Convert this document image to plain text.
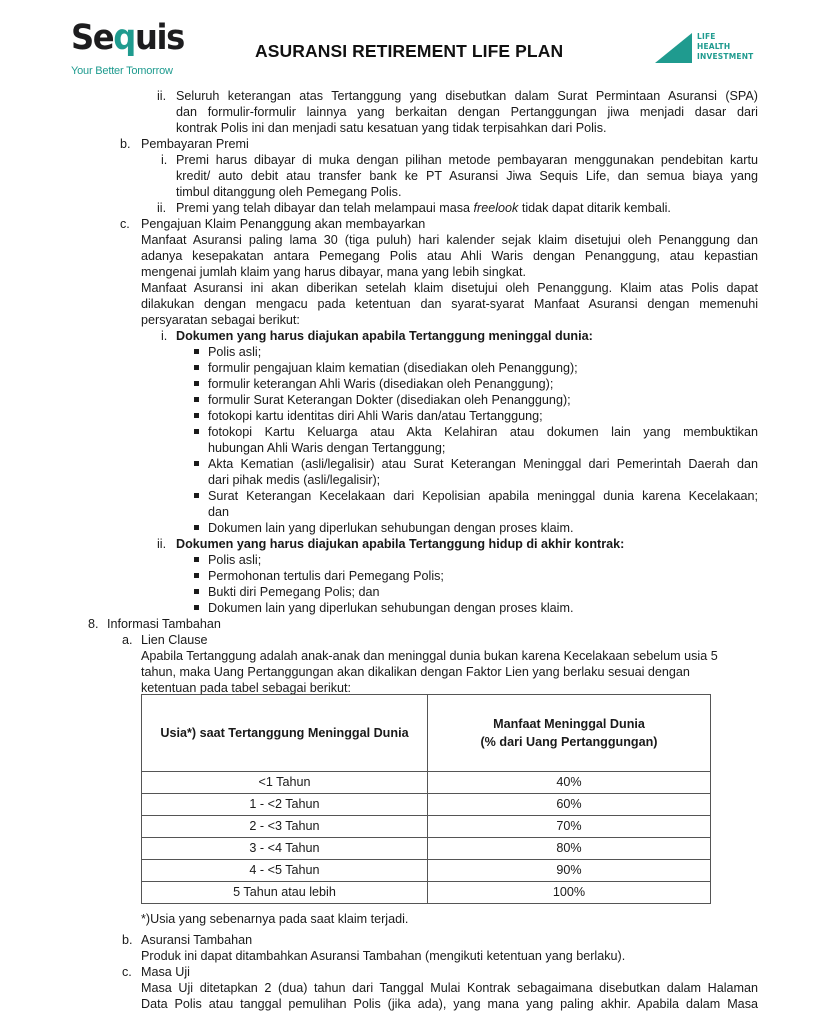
Sequis
Your Better Tomorrow
ASURANSI RETIREMENT LIFE PLAN
LIFE
HEALTH
INVESTMENT
ii. Seluruh keterangan atas Tertanggung yang disebutkan dalam Surat Permintaan Asuransi (SPA)
dan formulir-formulir lainnya yang berkaitan dengan Pertanggungan jiwa menjadi dasar dari
kontrak Polis ini dan menjadi satu kesatuan yang tidak terpisahkan dari Polis.
b. Pembayaran Premi
i. Premi harus dibayar di muka dengan pilihan metode pembayaran menggunakan pendebitan kartu
kredit/ auto debit atau transfer bank ke PT Asuransi Jiwa Sequis Life, dan semua biaya yang
timbul ditanggung oleh Pemegang Polis.
ii. Premi yang telah dibayar dan telah melampaui masa freelook tidak dapat ditarik kembali.
c. Pengajuan Klaim Penanggung akan membayarkan
Manfaat Asuransi paling lama 30 (tiga puluh) hari kalender sejak klaim disetujui oleh Penanggung dan
adanya kesepakatan antara Pemegang Polis atau Ahli Waris dengan Penanggung, atau kepastian
mengenai jumlah klaim yang harus dibayar, mana yang lebih singkat.
Manfaat Asuransi ini akan diberikan setelah klaim disetujui oleh Penanggung. Klaim atas Polis dapat
dilakukan dengan mengacu pada ketentuan dan syarat-syarat Manfaat Asuransi dengan memenuhi
persyaratan sebagai berikut:
i. Dokumen yang harus diajukan apabila Tertanggung meninggal dunia:
Polis asli;
formulir pengajuan klaim kematian (disediakan oleh Penanggung);
formulir keterangan Ahli Waris (disediakan oleh Penanggung);
formulir Surat Keterangan Dokter (disediakan oleh Penanggung);
fotokopi kartu identitas diri Ahli Waris dan/atau Tertanggung;
fotokopi Kartu Keluarga atau Akta Kelahiran atau dokumen lain yang membuktikan
hubungan Ahli Waris dengan Tertanggung;
Akta Kematian (asli/legalisir) atau Surat Keterangan Meninggal dari Pemerintah Daerah dan
dari pihak medis (asli/legalisir);
Surat Keterangan Kecelakaan dari Kepolisian apabila meninggal dunia karena Kecelakaan;
dan
Dokumen lain yang diperlukan sehubungan dengan proses klaim.
ii. Dokumen yang harus diajukan apabila Tertanggung hidup di akhir kontrak:
Polis asli;
Permohonan tertulis dari Pemegang Polis;
Bukti diri Pemegang Polis; dan
Dokumen lain yang diperlukan sehubungan dengan proses klaim.
8. Informasi Tambahan
a. Lien Clause
Apabila Tertanggung adalah anak-anak dan meninggal dunia bukan karena Kecelakaan sebelum usia 5
tahun, maka Uang Pertanggungan akan dikalikan dengan Faktor Lien yang berlaku sesuai dengan
ketentuan pada tabel sebagai berikut:
Usia*) saat Tertanggung Meninggal Dunia	Manfaat Meninggal Dunia
(% dari Uang Pertanggungan)

<1 Tahun	40%
1 - <2 Tahun	60%
2 - <3 Tahun	70%
3 - <4 Tahun	80%
4 - <5 Tahun	90%
5 Tahun atau lebih	100%
*)Usia yang sebenarnya pada saat klaim terjadi.
b. Asuransi Tambahan
Produk ini dapat ditambahkan Asuransi Tambahan (mengikuti ketentuan yang berlaku).
c. Masa Uji
Masa Uji ditetapkan 2 (dua) tahun dari Tanggal Mulai Kontrak sebagaimana disebutkan dalam Halaman
Data Polis atau tanggal pemulihan Polis (jika ada), yang mana yang paling akhir. Apabila dalam Masa
